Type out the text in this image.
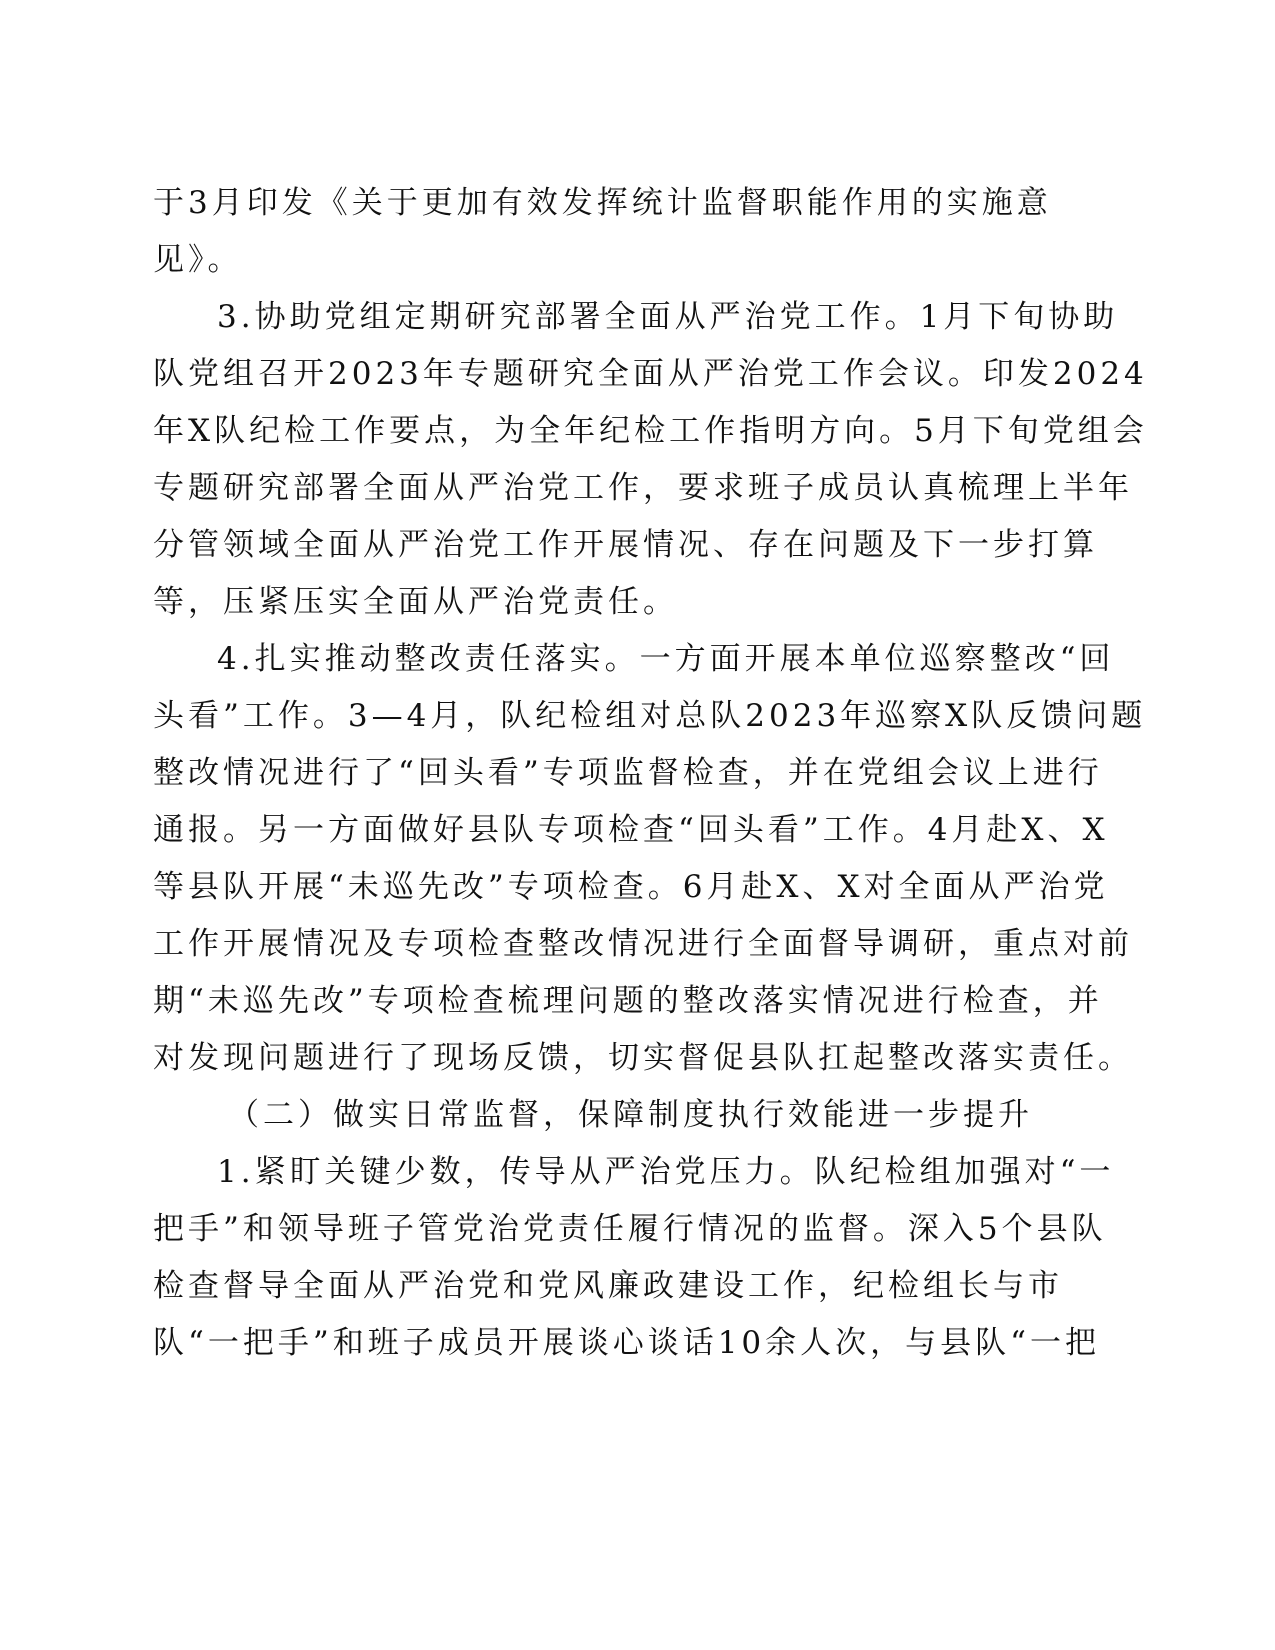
于3月印发《关于更加有效发挥统计监督职能作用的实施意
见》。
3.协助党组定期研究部署全面从严治党工作。1月下旬协助
队党组召开2023年专题研究全面从严治党工作会议。印发2024
年X队纪检工作要点，为全年纪检工作指明方向。5月下旬党组会
专题研究部署全面从严治党工作，要求班子成员认真梳理上半年
分管领域全面从严治党工作开展情况、存在问题及下一步打算
等，压紧压实全面从严治党责任。
4.扎实推动整改责任落实。一方面开展本单位巡察整改“回
头看”工作。3—4月，队纪检组对总队2023年巡察X队反馈问题
整改情况进行了“回头看”专项监督检查，并在党组会议上进行
通报。另一方面做好县队专项检查“回头看”工作。4月赴X、X
等县队开展“未巡先改”专项检查。6月赴X、X对全面从严治党
工作开展情况及专项检查整改情况进行全面督导调研，重点对前
期“未巡先改”专项检查梳理问题的整改落实情况进行检查，并
对发现问题进行了现场反馈，切实督促县队扛起整改落实责任。
（二）做实日常监督，保障制度执行效能进一步提升
1.紧盯关键少数，传导从严治党压力。队纪检组加强对“一
把手”和领导班子管党治党责任履行情况的监督。深入5个县队
检查督导全面从严治党和党风廉政建设工作，纪检组长与市
队“一把手”和班子成员开展谈心谈话10余人次，与县队“一把
